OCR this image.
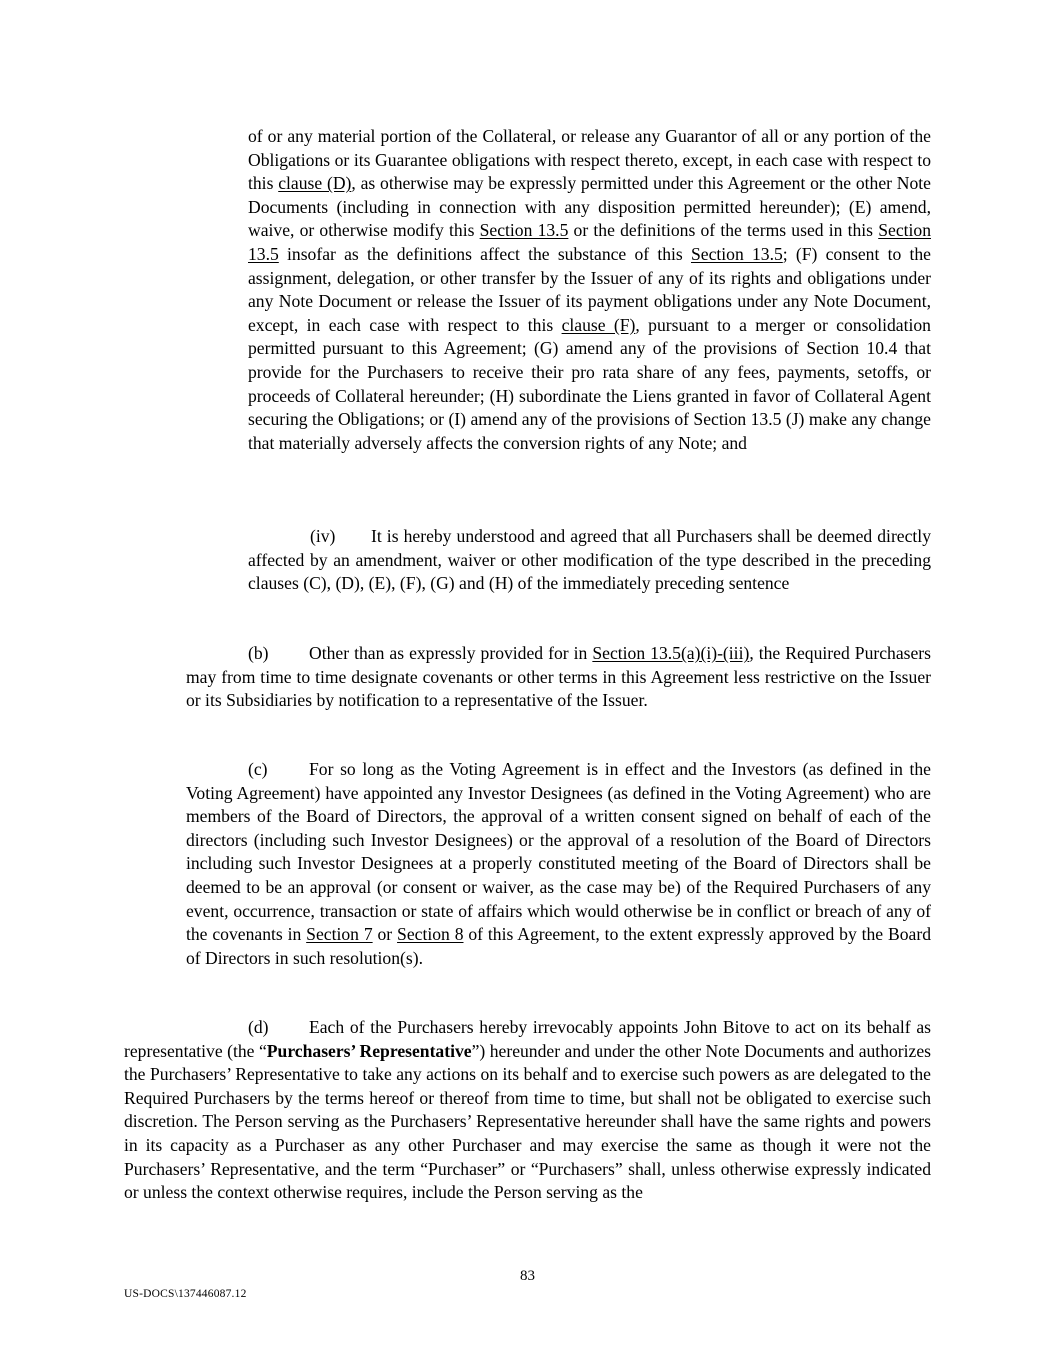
of or any material portion of the Collateral, or release any Guarantor of all or any portion of the Obligations or its Guarantee obligations with respect thereto, except, in each case with respect to this clause (D), as otherwise may be expressly permitted under this Agreement or the other Note Documents (including in connection with any disposition permitted hereunder); (E) amend, waive, or otherwise modify this Section 13.5 or the definitions of the terms used in this Section 13.5 insofar as the definitions affect the substance of this Section 13.5; (F) consent to the assignment, delegation, or other transfer by the Issuer of any of its rights and obligations under any Note Document or release the Issuer of its payment obligations under any Note Document, except, in each case with respect to this clause (F), pursuant to a merger or consolidation permitted pursuant to this Agreement; (G) amend any of the provisions of Section 10.4 that provide for the Purchasers to receive their pro rata share of any fees, payments, setoffs, or proceeds of Collateral hereunder; (H) subordinate the Liens granted in favor of Collateral Agent securing the Obligations; or (I) amend any of the provisions of Section 13.5 (J) make any change that materially adversely affects the conversion rights of any Note; and

(iv) It is hereby understood and agreed that all Purchasers shall be deemed directly affected by an amendment, waiver or other modification of the type described in the preceding clauses (C), (D), (E), (F), (G) and (H) of the immediately preceding sentence

(b) Other than as expressly provided for in Section 13.5(a)(i)-(iii), the Required Purchasers may from time to time designate covenants or other terms in this Agreement less restrictive on the Issuer or its Subsidiaries by notification to a representative of the Issuer.

(c) For so long as the Voting Agreement is in effect and the Investors (as defined in the Voting Agreement) have appointed any Investor Designees (as defined in the Voting Agreement) who are members of the Board of Directors, the approval of a written consent signed on behalf of each of the directors (including such Investor Designees) or the approval of a resolution of the Board of Directors including such Investor Designees at a properly constituted meeting of the Board of Directors shall be deemed to be an approval (or consent or waiver, as the case may be) of the Required Purchasers of any event, occurrence, transaction or state of affairs which would otherwise be in conflict or breach of any of the covenants in Section 7 or Section 8 of this Agreement, to the extent expressly approved by the Board of Directors in such resolution(s).

(d) Each of the Purchasers hereby irrevocably appoints John Bitove to act on its behalf as representative (the “Purchasers’ Representative”) hereunder and under the other Note Documents and authorizes the Purchasers’ Representative to take any actions on its behalf and to exercise such powers as are delegated to the Required Purchasers by the terms hereof or thereof from time to time, but shall not be obligated to exercise such discretion. The Person serving as the Purchasers’ Representative hereunder shall have the same rights and powers in its capacity as a Purchaser as any other Purchaser and may exercise the same as though it were not the Purchasers’ Representative, and the term “Purchaser” or “Purchasers” shall, unless otherwise expressly indicated or unless the context otherwise requires, include the Person serving as the

83
US-DOCS\137446087.12
